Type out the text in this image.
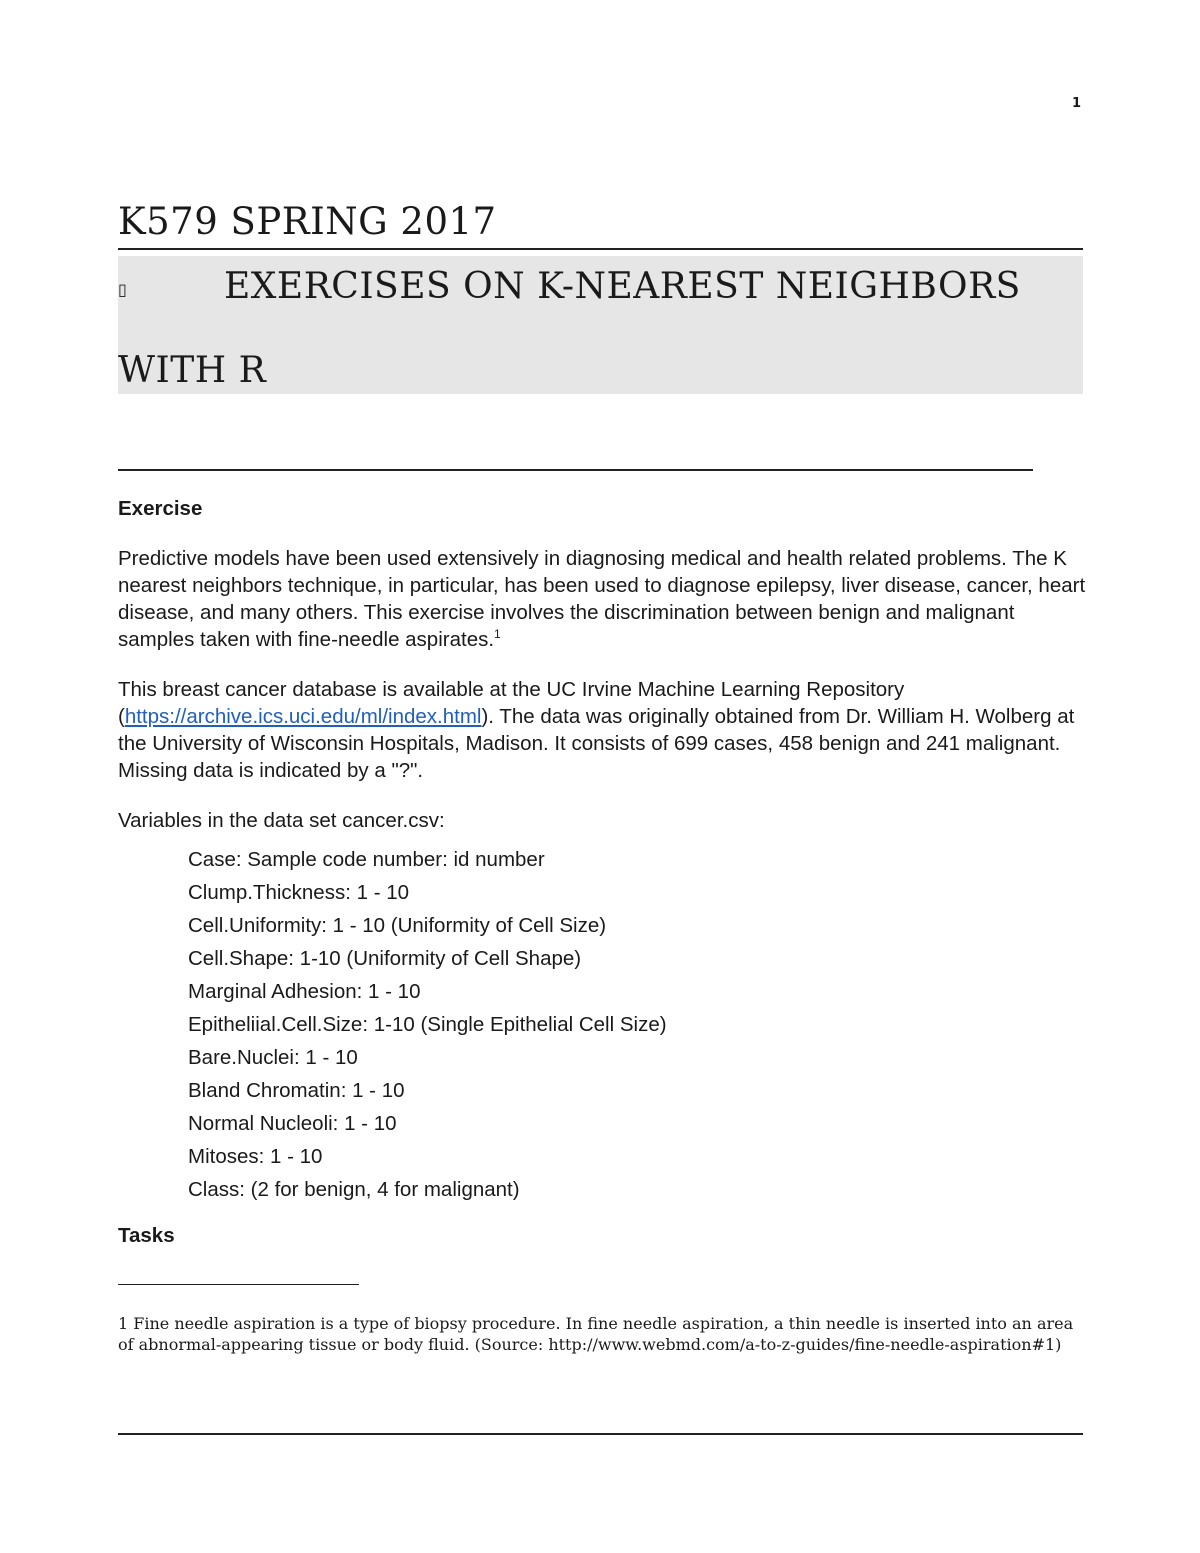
1
K579 SPRING 2017
▯	EXERCISES ON K-NEAREST NEIGHBORS
WITH R
Exercise

Predictive models have been used extensively in diagnosing medical and health related problems. The K nearest neighbors technique, in particular, has been used to diagnose epilepsy, liver disease, cancer, heart disease, and many others. This exercise involves the discrimination between benign and malignant samples taken with fine-needle aspirates.$^1$

This breast cancer database is available at the UC Irvine Machine Learning Repository (https://archive.ics.uci.edu/ml/index.html). The data was originally obtained from Dr. William H. Wolberg at the University of Wisconsin Hospitals, Madison. It consists of 699 cases, 458 benign and 241 malignant. Missing data is indicated by a "?".

Variables in the data set cancer.csv:

Case: Sample code number: id number
Clump.Thickness: 1 - 10
Cell.Uniformity: 1 - 10 (Uniformity of Cell Size)
Cell.Shape: 1-10 (Uniformity of Cell Shape)
Marginal Adhesion: 1 - 10
Epitheliial.Cell.Size: 1-10 (Single Epithelial Cell Size)
Bare.Nuclei: 1 - 10
Bland Chromatin: 1 - 10
Normal Nucleoli: 1 - 10
Mitoses: 1 - 10
Class: (2 for benign, 4 for malignant)
Tasks
1 Fine needle aspiration is a type of biopsy procedure. In fine needle aspiration, a thin needle is inserted into an area of abnormal-appearing tissue or body fluid. (Source: http://www.webmd.com/a-to-z-guides/fine-needle-aspiration#1)
